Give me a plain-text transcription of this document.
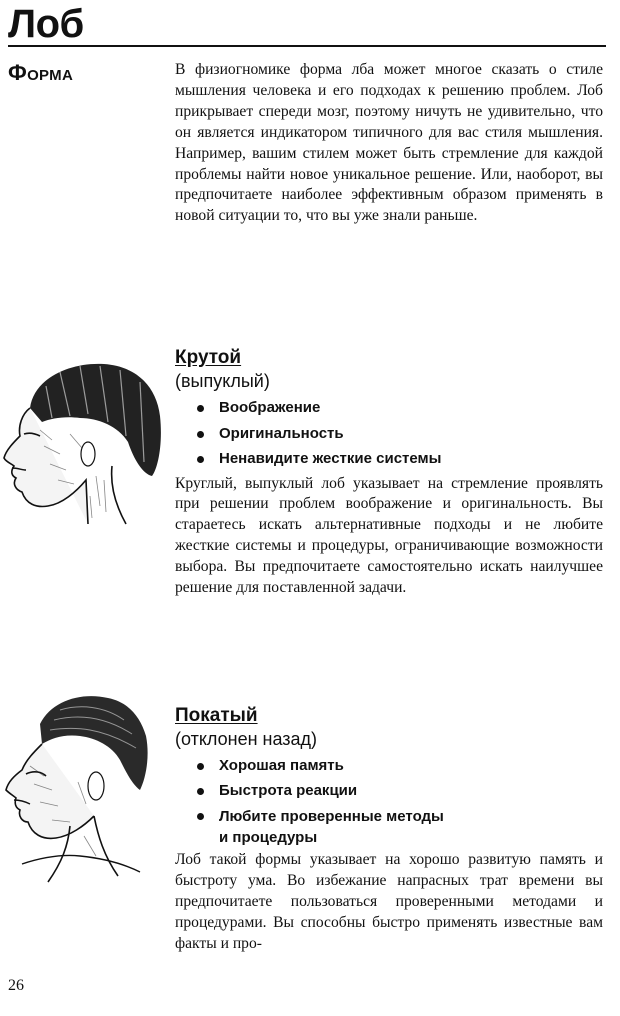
Лоб
Форма	В физиогномике форма лба может многое сказать о стиле мышления человека и его подходах к решению проблем. Лоб прикрывает спереди мозг, поэтому ничуть не удивительно, что он является индикатором типичного для вас стиля мышления. Например, вашим стилем может быть стремление для каждой проблемы найти новое уникальное решение. Или, наоборот, вы предпочитаете наиболее эффективным образом применять в новой ситуации то, что вы уже знали раньше.

Крутой
(выпуклый)
Воображение
Оригинальность
Ненавидите жесткие системы

Круглый, выпуклый лоб указывает на стремление проявлять при решении проблем воображение и оригинальность. Вы стараетесь искать альтернативные подходы и не любите жесткие системы и процедуры, ограничивающие возможности выбора. Вы предпочитаете самостоятельно искать наилучшее решение для поставленной задачи.

Покатый
(отклонен назад)
Хорошая память
Быстрота реакции
Любите проверенные методы и процедуры

Лоб такой формы указывает на хорошо развитую память и быстроту ума. Во избежание напрасных трат времени вы предпочитаете пользоваться проверенными методами и процедурами. Вы способны быстро применять известные вам факты и про-

26
